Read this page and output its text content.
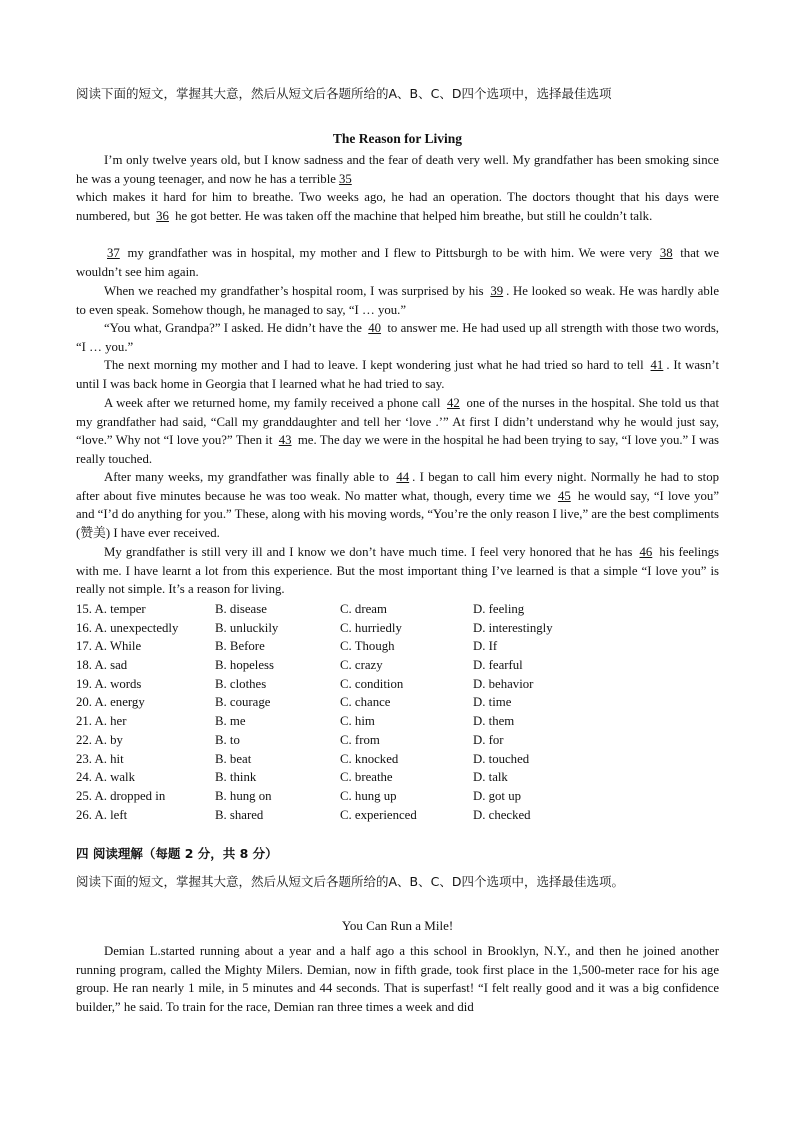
阅读下面的短文，掌握其大意，然后从短文后各题所给的A、B、C、D四个选项中，选择最佳选项
The Reason for Living

I’m only twelve years old, but I know sadness and the fear of death very well. My grandfather has been smoking since he was a young teenager, and now he has a terrible 35
which makes it hard for him to breathe. Two weeks ago, he had an operation. The doctors thought that his days were numbered, but 36 he got better. He was taken off the machine that helped him breathe, but still he couldn’t talk.

37 my grandfather was in hospital, my mother and I flew to Pittsburgh to be with him. We were very 38 that we wouldn’t see him again.

When we reached my grandfather’s hospital room, I was surprised by his 39 . He looked so weak. He was hardly able to even speak. Somehow though, he managed to say, “I … you.”

“You what, Grandpa?” I asked. He didn’t have the 40 to answer me. He had used up all strength with those two words, “I … you.”

The next morning my mother and I had to leave. I kept wondering just what he had tried so hard to tell 41 . It wasn’t until I was back home in Georgia that I learned what he had tried to say.

A week after we returned home, my family received a phone call 42 one of the nurses in the hospital. She told us that my grandfather had said, “Call my granddaughter and tell her ‘love .’” At first I didn’t understand why he would just say, “love.” Why not “I love you?” Then it 43 me. The day we were in the hospital he had been trying to say, “I love you.” I was really touched.

After many weeks, my grandfather was finally able to 44 . I began to call him every night. Normally he had to stop after about five minutes because he was too weak. No matter what, though, every time we 45 he would say, “I love you” and “I’d do anything for you.” These, along with his moving words, “You’re the only reason I live,” are the best compliments (赞美) I have ever received.

My grandfather is still very ill and I know we don’t have much time. I feel very honored that he has 46 his feelings with me. I have learnt a lot from this experience. But the most important thing I’ve learned is that a simple “I love you” is really not simple. It’s a reason for living.

15. A. temper	B. disease	C. dream	D. feeling
16. A. unexpectedly	B. unluckily	C. hurriedly	D. interestingly
17. A. While	B. Before	C. Though	D. If
18. A. sad	B. hopeless	C. crazy	D. fearful
19. A. words	B. clothes	C. condition	D. behavior
20. A. energy	B. courage	C. chance	D. time
21. A. her	B. me	C. him	D. them
22. A. by	B. to	C. from	D. for
23. A. hit	B. beat	C. knocked	D. touched
24. A. walk	B. think	C. breathe	D. talk
25. A. dropped in	B. hung on	C. hung up	D. got up
26. A. left	B. shared	C. experienced	D. checked
四 阅读理解（每题 2 分，共 8 分）
阅读下面的短文，掌握其大意，然后从短文后各题所给的A、B、C、D四个选项中，选择最佳选项。
You Can Run a Mile!

Demian L.started running about a year and a half ago a this school in Brooklyn, N.Y., and then he joined another running program, called the Mighty Milers. Demian, now in fifth grade, took first place in the 1,500-meter race for his age group. He ran nearly 1 mile, in 5 minutes and 44 seconds. That is superfast! “I felt really good and it was a big confidence builder,” he said. To train for the race, Demian ran three times a week and did
